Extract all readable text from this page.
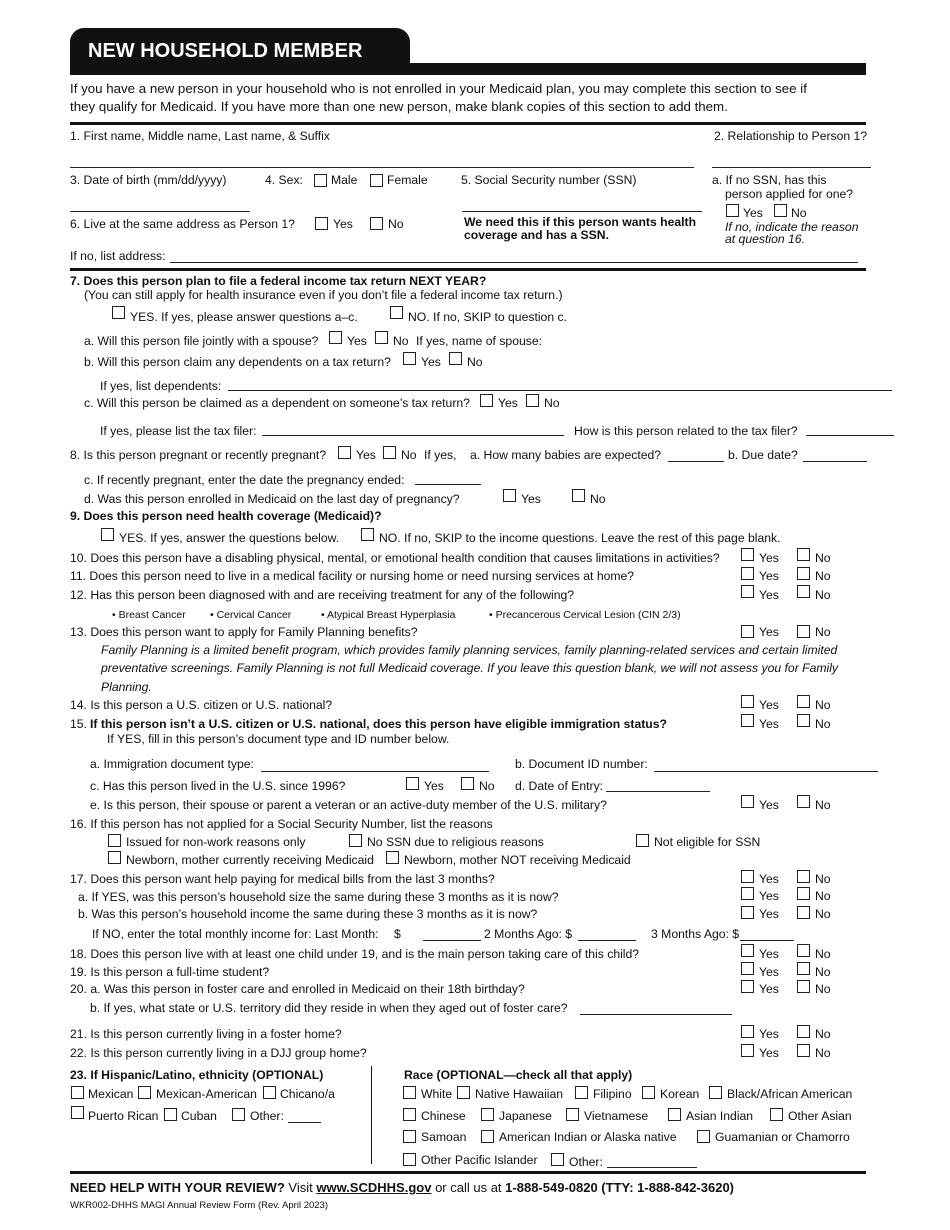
NEW HOUSEHOLD MEMBER
If you have a new person in your household who is not enrolled in your Medicaid plan, you may complete this section to see if
they qualify for Medicaid. If you have more than one new person, make blank copies of this section to add them.
1. First name, Middle name, Last name, & Suffix	2. Relationship to Person 1?
3. Date of birth (mm/dd/yyyy)	4. Sex: Male Female	5. Social Security number (SSN)	a. If no SSN, has this
person applied for one?
Yes No
If no, indicate the reason
at question 16.
We need this if this person wants health
coverage and has a SSN.
6. Live at the same address as Person 1?	Yes	No
If no, list address:
7. Does this person plan to file a federal income tax return NEXT YEAR?
(You can still apply for health insurance even if you don’t file a federal income tax return.)
YES. If yes, please answer questions a–c.	NO. If no, SKIP to question c.
a. Will this person file jointly with a spouse? Yes No If yes, name of spouse:
b. Will this person claim any dependents on a tax return? Yes No
If yes, list dependents:
c. Will this person be claimed as a dependent on someone’s tax return? Yes No
If yes, please list the tax filer:	How is this person related to the tax filer?
8. Is this person pregnant or recently pregnant? Yes No If yes, a. How many babies are expected?	b. Due date?
c. If recently pregnant, enter the date the pregnancy ended:
d. Was this person enrolled in Medicaid on the last day of pregnancy?	Yes	No
9. Does this person need health coverage (Medicaid)?
YES. If yes, answer the questions below.	NO. If no, SKIP to the income questions. Leave the rest of this page blank.
10. Does this person have a disabling physical, mental, or emotional health condition that causes limitations in activities?	Yes	No
11. Does this person need to live in a medical facility or nursing home or need nursing services at home?	Yes	No
12. Has this person been diagnosed with and are receiving treatment for any of the following?	Yes	No
• Breast Cancer • Cervical Cancer	• Atypical Breast Hyperplasia	• Precancerous Cervical Lesion (CIN 2/3)
13. Does this person want to apply for Family Planning benefits?	Yes	No
Family Planning is a limited benefit program, which provides family planning services, family planning-related services and certain limited
preventative screenings. Family Planning is not full Medicaid coverage. If you leave this question blank, we will not assess you for Family
Planning.
14. Is this person a U.S. citizen or U.S. national?	Yes	No
15. If this person isn’t a U.S. citizen or U.S. national, does this person have eligible immigration status?	Yes	No
If YES, fill in this person’s document type and ID number below.
a. Immigration document type:	b. Document ID number:
c. Has this person lived in the U.S. since 1996?	Yes	No d. Date of Entry:
e. Is this person, their spouse or parent a veteran or an active-duty member of the U.S. military?	Yes	No
16. If this person has not applied for a Social Security Number, list the reasons
Issued for non-work reasons only	No SSN due to religious reasons	Not eligible for SSN
Newborn, mother currently receiving Medicaid Newborn, mother NOT receiving Medicaid
17. Does this person want help paying for medical bills from the last 3 months?	Yes	No
a. If YES, was this person’s household size the same during these 3 months as it is now?	Yes	No
b. Was this person’s household income the same during these 3 months as it is now?	Yes	No
If NO, enter the total monthly income for: Last Month: $	2 Months Ago: $	3 Months Ago: $
18. Does this person live with at least one child under 19, and is the main person taking care of this child?	Yes	No
19. Is this person a full-time student?	Yes	No
20. a. Was this person in foster care and enrolled in Medicaid on their 18th birthday?	Yes	No
b. If yes, what state or U.S. territory did they reside in when they aged out of foster care?
21. Is this person currently living in a foster home?	Yes	No
22. Is this person currently living in a DJJ group home?	Yes	No
23. If Hispanic/Latino, ethnicity (OPTIONAL)
Mexican Mexican-American Chicano/a
Puerto Rican Cuban	Other:
Race (OPTIONAL—check all that apply)
White Native Hawaiian Filipino Korean Black/African American
Chinese	Japanese	Vietnamese	Asian Indian	Other Asian
Samoan	American Indian or Alaska native	Guamanian or Chamorro
Other Pacific Islander	Other:
NEED HELP WITH YOUR REVIEW? Visit www.SCDHHS.gov or call us at 1-888-549-0820 (TTY: 1-888-842-3620)
WKR002-DHHS MAGI Annual Review Form (Rev. April 2023)
